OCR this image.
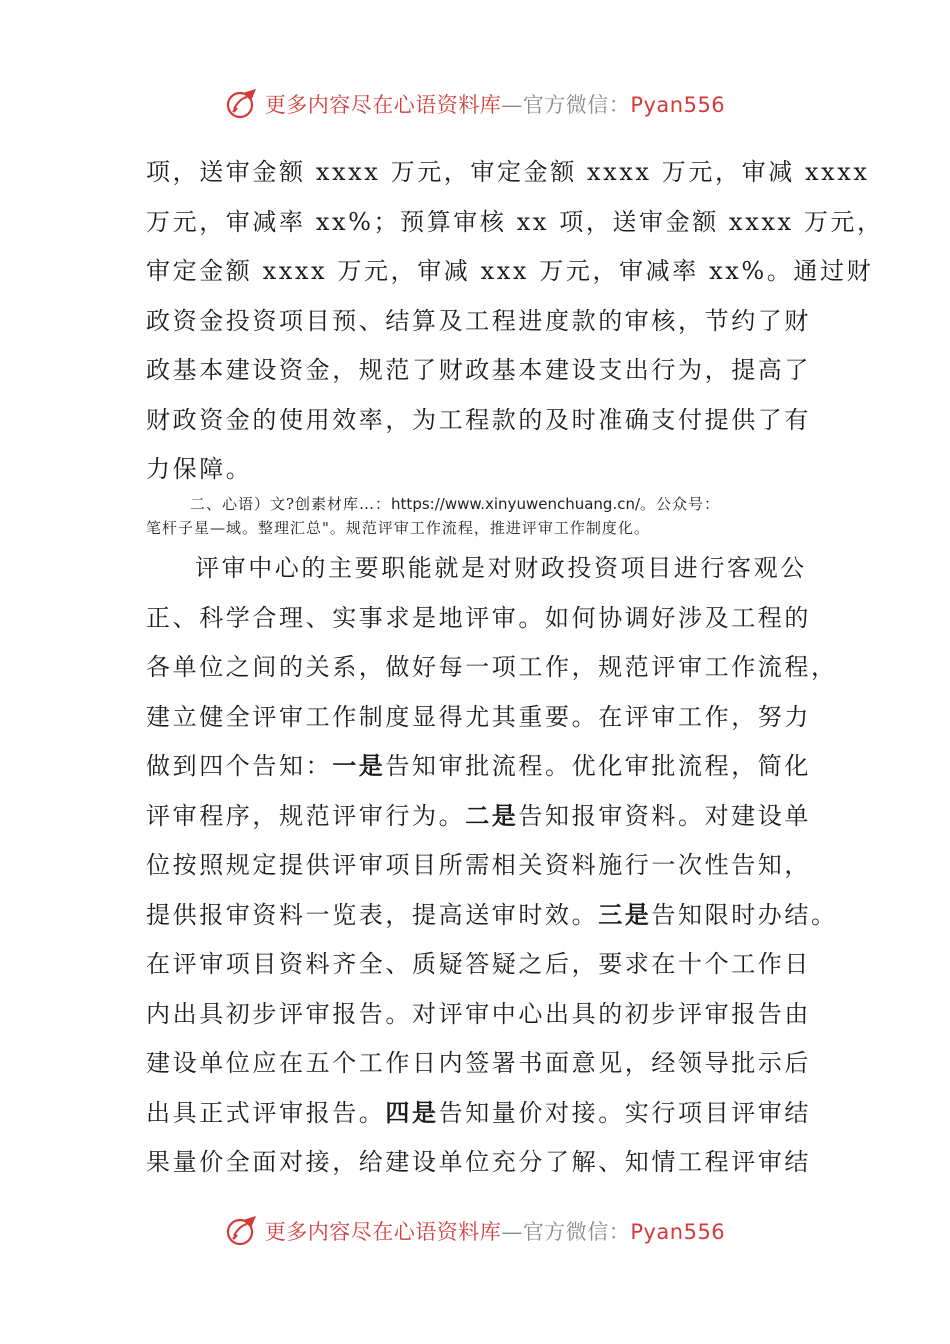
更多内容尽在心语资料库—官方微信：Pyan556
项，送审金额 xxxx 万元，审定金额 xxxx 万元，审减 xxxx
万元，审减率 xx%；预算审核 xx 项，送审金额 xxxx 万元，
审定金额 xxxx 万元，审减 xxx 万元，审减率 xx%。通过财
政资金投资项目预、结算及工程进度款的审核，节约了财
政基本建设资金，规范了财政基本建设支出行为，提高了
财政资金的使用效率，为工程款的及时准确支付提供了有
力保障。
二、心语）文?创素材库…：https://www.xinyuwenchuang.cn/。公众号：
笔杆子星—域。整理汇总"。规范评审工作流程，推进评审工作制度化。
评审中心的主要职能就是对财政投资项目进行客观公
正、科学合理、实事求是地评审。如何协调好涉及工程的
各单位之间的关系，做好每一项工作，规范评审工作流程，
建立健全评审工作制度显得尤其重要。在评审工作，努力
做到四个告知：一是告知审批流程。优化审批流程，简化
评审程序，规范评审行为。二是告知报审资料。对建设单
位按照规定提供评审项目所需相关资料施行一次性告知，
提供报审资料一览表，提高送审时效。三是告知限时办结。
在评审项目资料齐全、质疑答疑之后，要求在十个工作日
内出具初步评审报告。对评审中心出具的初步评审报告由
建设单位应在五个工作日内签署书面意见，经领导批示后
出具正式评审报告。四是告知量价对接。实行项目评审结
果量价全面对接，给建设单位充分了解、知情工程评审结
更多内容尽在心语资料库—官方微信：Pyan556
